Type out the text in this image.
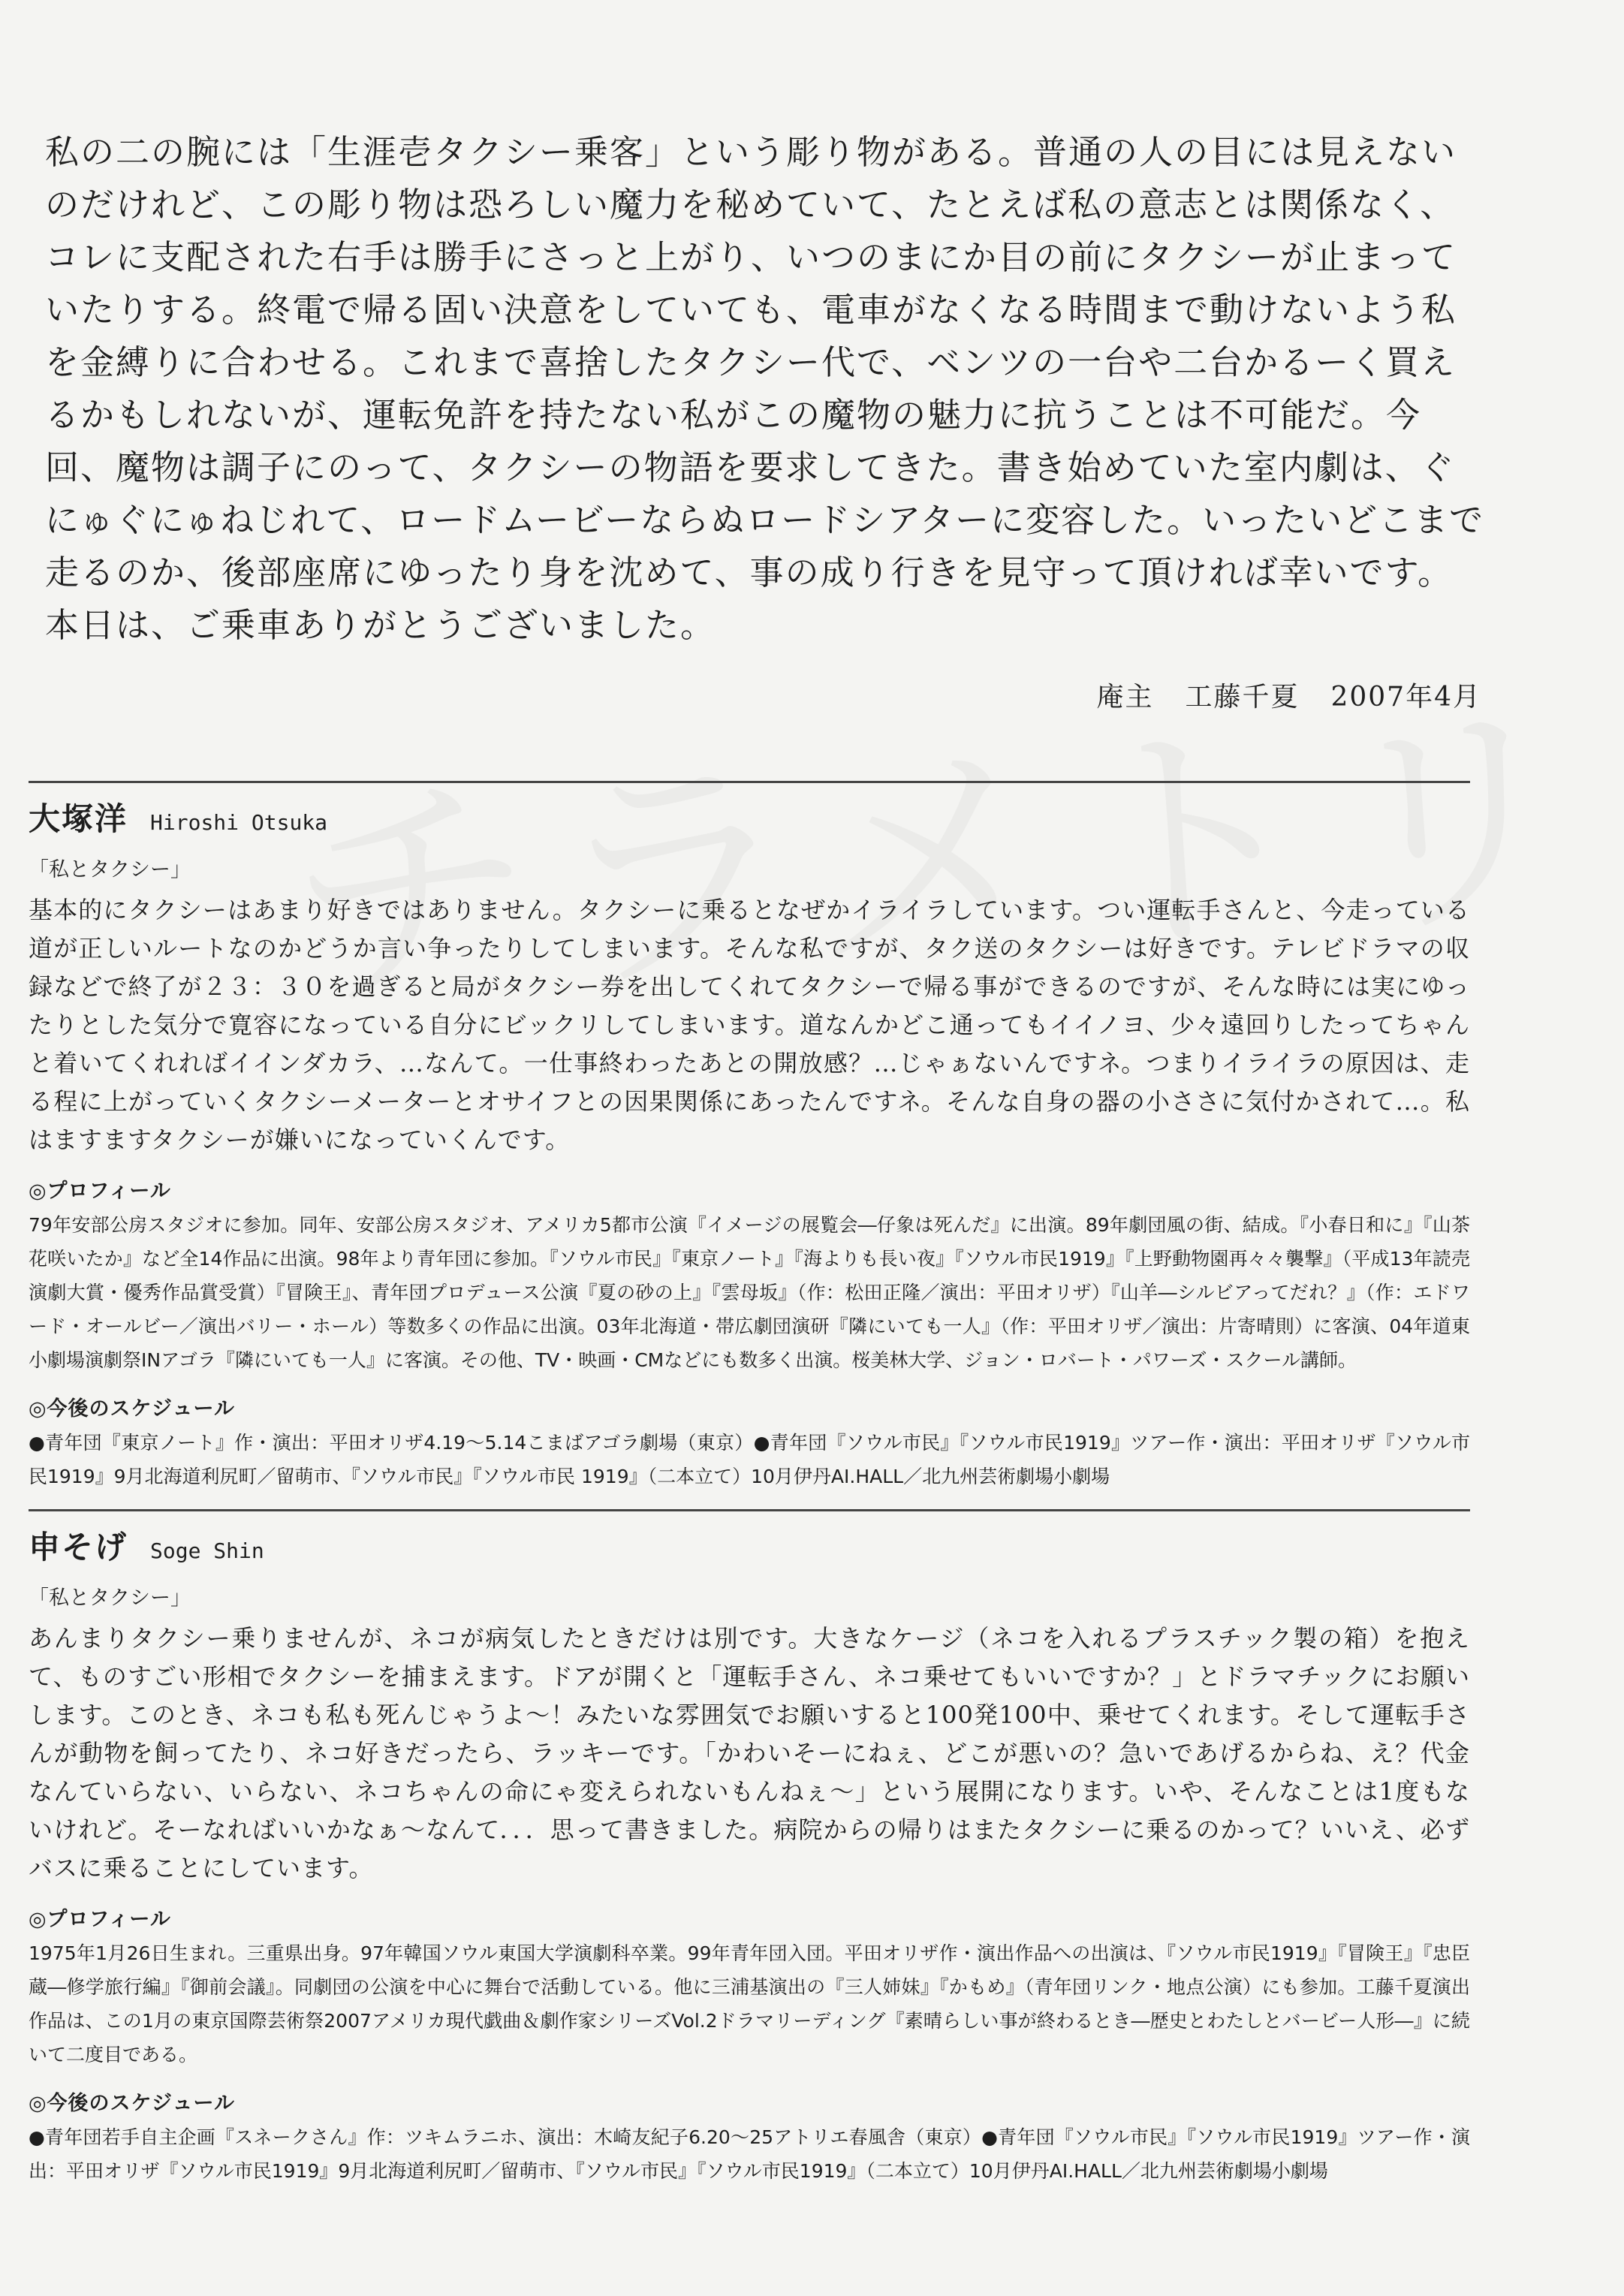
私の二の腕には「生涯壱タクシー乗客」という彫り物がある。普通の人の目には見えないのだけれど、この彫り物は恐ろしい魔力を秘めていて、たとえば私の意志とは関係なく、コレに支配された右手は勝手にさっと上がり、いつのまにか目の前にタクシーが止まっていたりする。終電で帰る固い決意をしていても、電車がなくなる時間まで動けないよう私を金縛りに合わせる。これまで喜捨したタクシー代で、ベンツの一台や二台かるーく買えるかもしれないが、運転免許を持たない私がこの魔物の魅力に抗うことは不可能だ。今回、魔物は調子にのって、タクシーの物語を要求してきた。書き始めていた室内劇は、ぐにゅぐにゅねじれて、ロードムービーならぬロードシアターに変容した。いったいどこまで走るのか、後部座席にゆったり身を沈めて、事の成り行きを見守って頂ければ幸いです。本日は、ご乗車ありがとうございました。

庵主 工藤千夏 2007年4月
大塚洋 Hiroshi Otsuka
「私とタクシー」

基本的にタクシーはあまり好きではありません。タクシーに乗るとなぜかイライラしています。つい運転手さんと、今走っている道が正しいルートなのかどうか言い争ったりしてしまいます。そんな私ですが、タク送のタクシーは好きです。テレビドラマの収録などで終了が２３：３０を過ぎると局がタクシー券を出してくれてタクシーで帰る事ができるのですが、そんな時には実にゆったりとした気分で寛容になっている自分にビックリしてしまいます。道なんかどこ通ってもイイノヨ、少々遠回りしたってちゃんと着いてくれればイインダカラ、…なんて。一仕事終わったあとの開放感？…じゃぁないんですネ。つまりイライラの原因は、走る程に上がっていくタクシーメーターとオサイフとの因果関係にあったんですネ。そんな自身の器の小ささに気付かされて…。私はますますタクシーが嫌いになっていくんです。

◎プロフィール
79年安部公房スタジオに参加。同年、安部公房スタジオ、アメリカ5都市公演『イメージの展覧会―仔象は死んだ』に出演。89年劇団風の街、結成。『小春日和に』『山茶花咲いたか』など全14作品に出演。98年より青年団に参加。『ソウル市民』『東京ノート』『海よりも長い夜』『ソウル市民1919』『上野動物園再々々襲撃』（平成13年読売演劇大賞・優秀作品賞受賞）『冒険王』、青年団プロデュース公演『夏の砂の上』『雲母坂』（作：松田正隆／演出：平田オリザ）『山羊―シルビアってだれ？』（作：エドワード・オールビー／演出バリー・ホール）等数多くの作品に出演。03年北海道・帯広劇団演研『隣にいても一人』（作：平田オリザ／演出：片寄晴則）に客演、04年道東小劇場演劇祭INアゴラ『隣にいても一人』に客演。その他、TV・映画・CMなどにも数多く出演。桜美林大学、ジョン・ロバート・パワーズ・スクール講師。
◎今後のスケジュール
●青年団『東京ノート』作・演出：平田オリザ4.19～5.14こまばアゴラ劇場（東京）●青年団『ソウル市民』『ソウル市民1919』ツアー作・演出：平田オリザ『ソウル市民1919』9月北海道利尻町／留萌市、『ソウル市民』『ソウル市民 1919』（二本立て）10月伊丹AI.HALL／北九州芸術劇場小劇場
申そげ Soge Shin
「私とタクシー」

あんまりタクシー乗りませんが、ネコが病気したときだけは別です。大きなケージ（ネコを入れるプラスチック製の箱）を抱えて、ものすごい形相でタクシーを捕まえます。ドアが開くと「運転手さん、ネコ乗せてもいいですか？」とドラマチックにお願いします。このとき、ネコも私も死んじゃうよ～！みたいな雰囲気でお願いすると100発100中、乗せてくれます。そして運転手さんが動物を飼ってたり、ネコ好きだったら、ラッキーです。「かわいそーにねぇ、どこが悪いの？急いであげるからね、え？代金なんていらない、いらない、ネコちゃんの命にゃ変えられないもんねぇ～」という展開になります。いや、そんなことは1度もないけれど。そーなればいいかなぁ～なんて．．．思って書きました。病院からの帰りはまたタクシーに乗るのかって？いいえ、必ずバスに乗ることにしています。

◎プロフィール
1975年1月26日生まれ。三重県出身。97年韓国ソウル東国大学演劇科卒業。99年青年団入団。平田オリザ作・演出作品への出演は、『ソウル市民1919』『冒険王』『忠臣蔵―修学旅行編』『御前会議』。同劇団の公演を中心に舞台で活動している。他に三浦基演出の『三人姉妹』『かもめ』（青年団リンク・地点公演）にも参加。工藤千夏演出作品は、この1月の東京国際芸術祭2007アメリカ現代戯曲＆劇作家シリーズVol.2ドラマリーディング『素晴らしい事が終わるとき―歴史とわたしとバービー人形―』に続いて二度目である。
◎今後のスケジュール
●青年団若手自主企画『スネークさん』作：ツキムラニホ、演出：木崎友紀子6.20～25アトリエ春風舎（東京）●青年団『ソウル市民』『ソウル市民1919』ツアー作・演出：平田オリザ『ソウル市民1919』9月北海道利尻町／留萌市、『ソウル市民』『ソウル市民1919』（二本立て）10月伊丹AI.HALL／北九州芸術劇場小劇場
